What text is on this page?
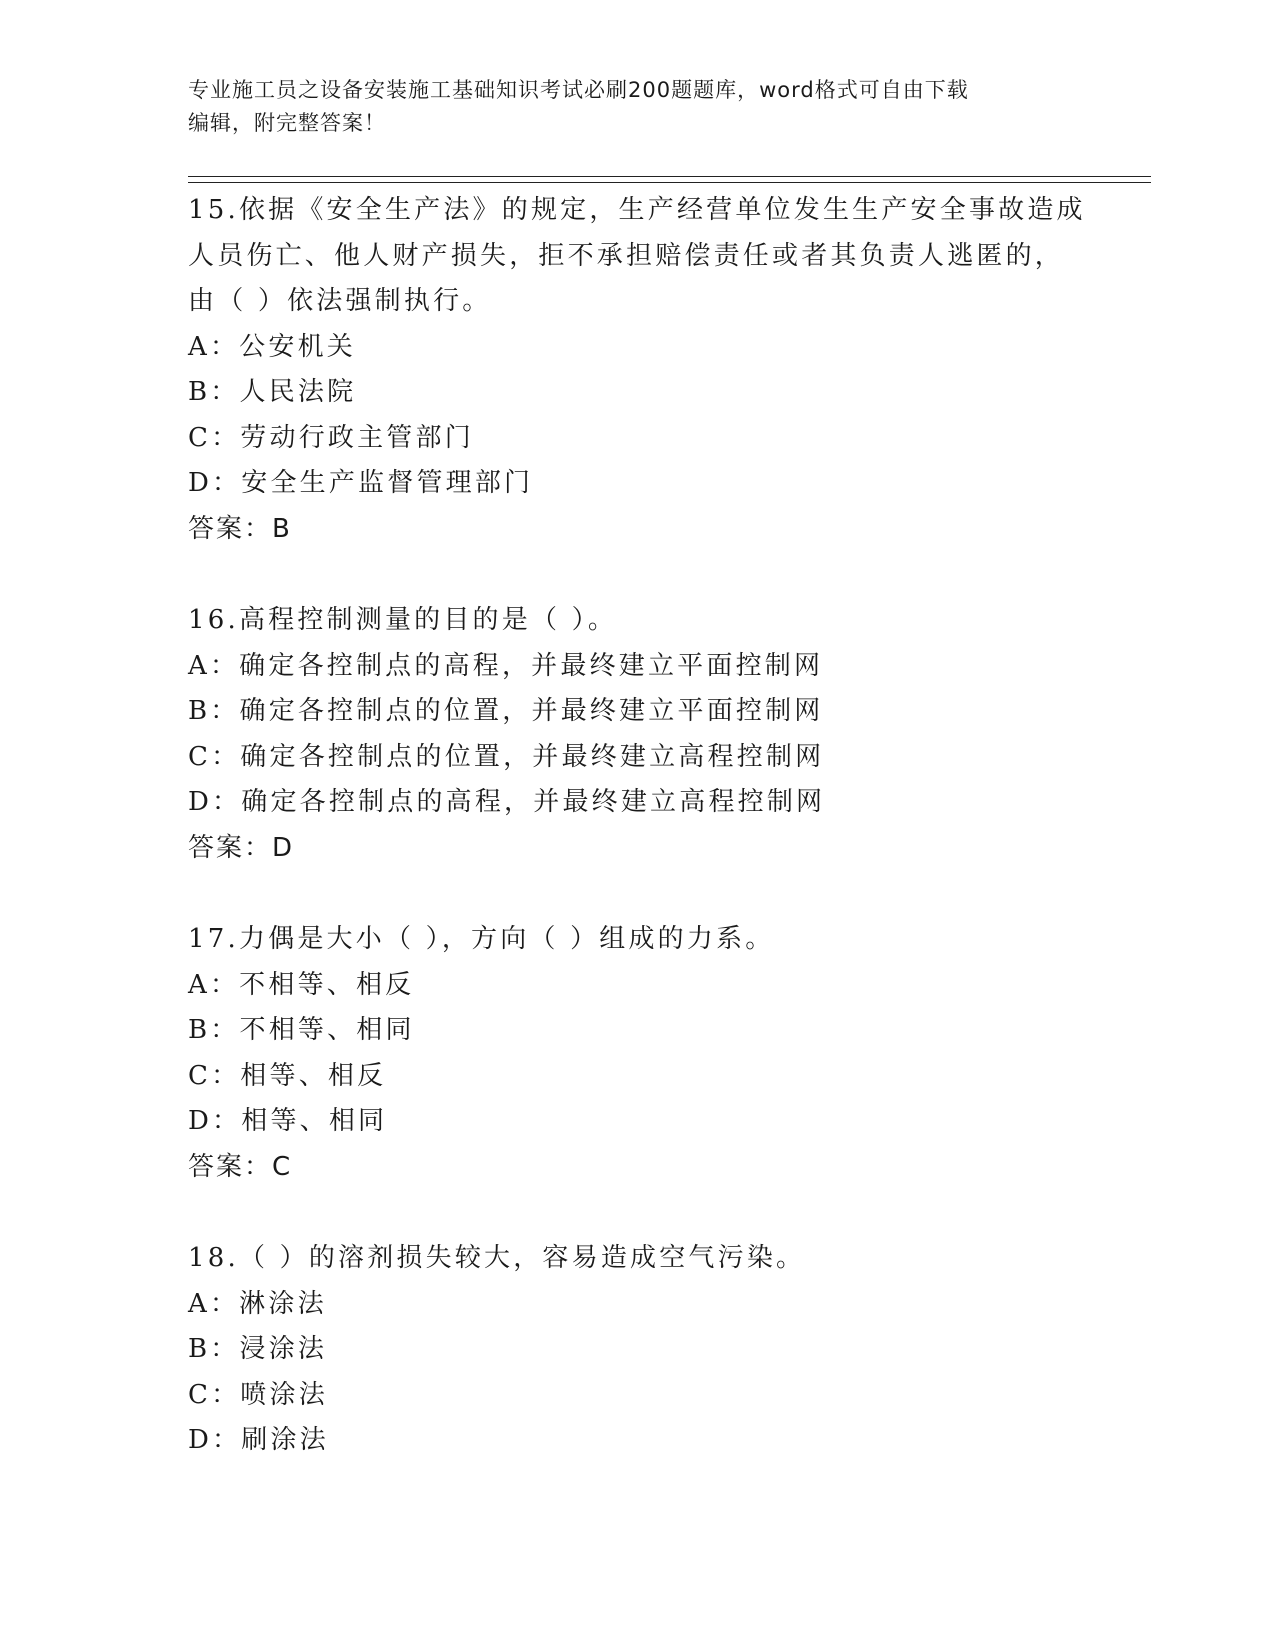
专业施工员之设备安装施工基础知识考试必刷200题题库，word格式可自由下载
编辑，附完整答案！
15.依据《安全生产法》的规定，生产经营单位发生生产安全事故造成
人员伤亡、他人财产损失，拒不承担赔偿责任或者其负责人逃匿的，
由（ ）依法强制执行。
A：公安机关
B：人民法院
C：劳动行政主管部门
D：安全生产监督管理部门
答案：B
16.高程控制测量的目的是（ ）。
A：确定各控制点的高程，并最终建立平面控制网
B：确定各控制点的位置，并最终建立平面控制网
C：确定各控制点的位置，并最终建立高程控制网
D：确定各控制点的高程，并最终建立高程控制网
答案：D
17.力偶是大小（ ），方向（ ）组成的力系。
A：不相等、相反
B：不相等、相同
C：相等、相反
D：相等、相同
答案：C
18.（ ）的溶剂损失较大，容易造成空气污染。
A：淋涂法
B：浸涂法
C：喷涂法
D：刷涂法
